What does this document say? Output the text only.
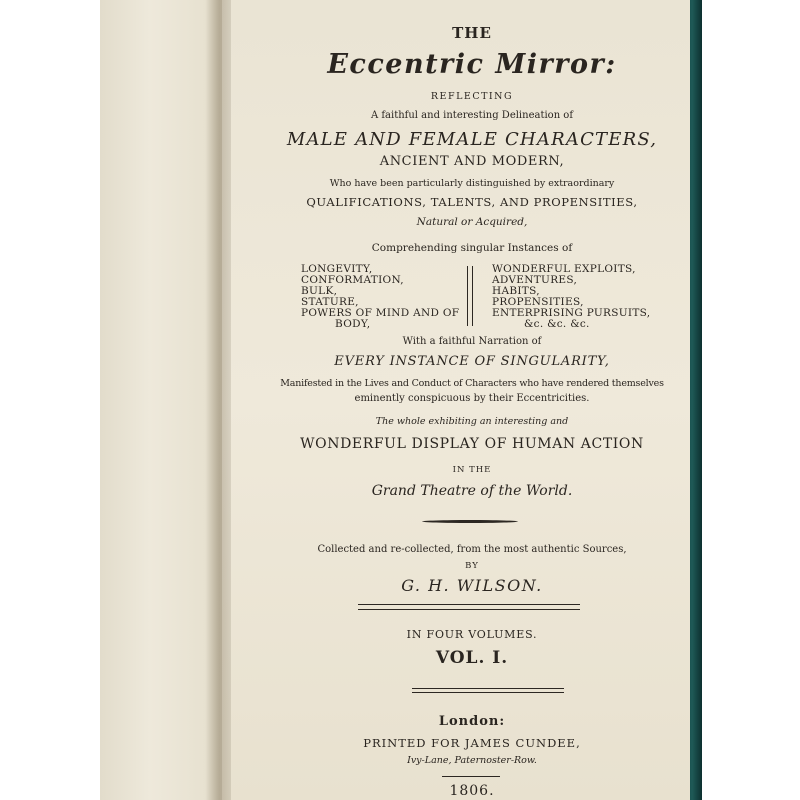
THE
Eccentric Mirror:
REFLECTING
A faithful and interesting Delineation of
MALE AND FEMALE CHARACTERS,
ANCIENT AND MODERN,
Who have been particularly distinguished by extraordinary
QUALIFICATIONS, TALENTS, AND PROPENSITIES,
Natural or Acquired,
Comprehending singular Instances of
LONGEVITY,
CONFORMATION,
BULK,
STATURE,
POWERS OF MIND AND OF
BODY,
WONDERFUL EXPLOITS,
ADVENTURES,
HABITS,
PROPENSITIES,
ENTERPRISING PURSUITS,
&c. &c. &c.
With a faithful Narration of
EVERY INSTANCE OF SINGULARITY,
Manifested in the Lives and Conduct of Characters who have rendered themselves
eminently conspicuous by their Eccentricities.
The whole exhibiting an interesting and
WONDERFUL DISPLAY OF HUMAN ACTION
IN THE
Grand Theatre of the World.
Collected and re-collected, from the most authentic Sources,
BY
G. H. WILSON.
IN FOUR VOLUMES.
VOL. I.
London:
PRINTED FOR JAMES CUNDEE,
Ivy-Lane, Paternoster-Row.
1806.
